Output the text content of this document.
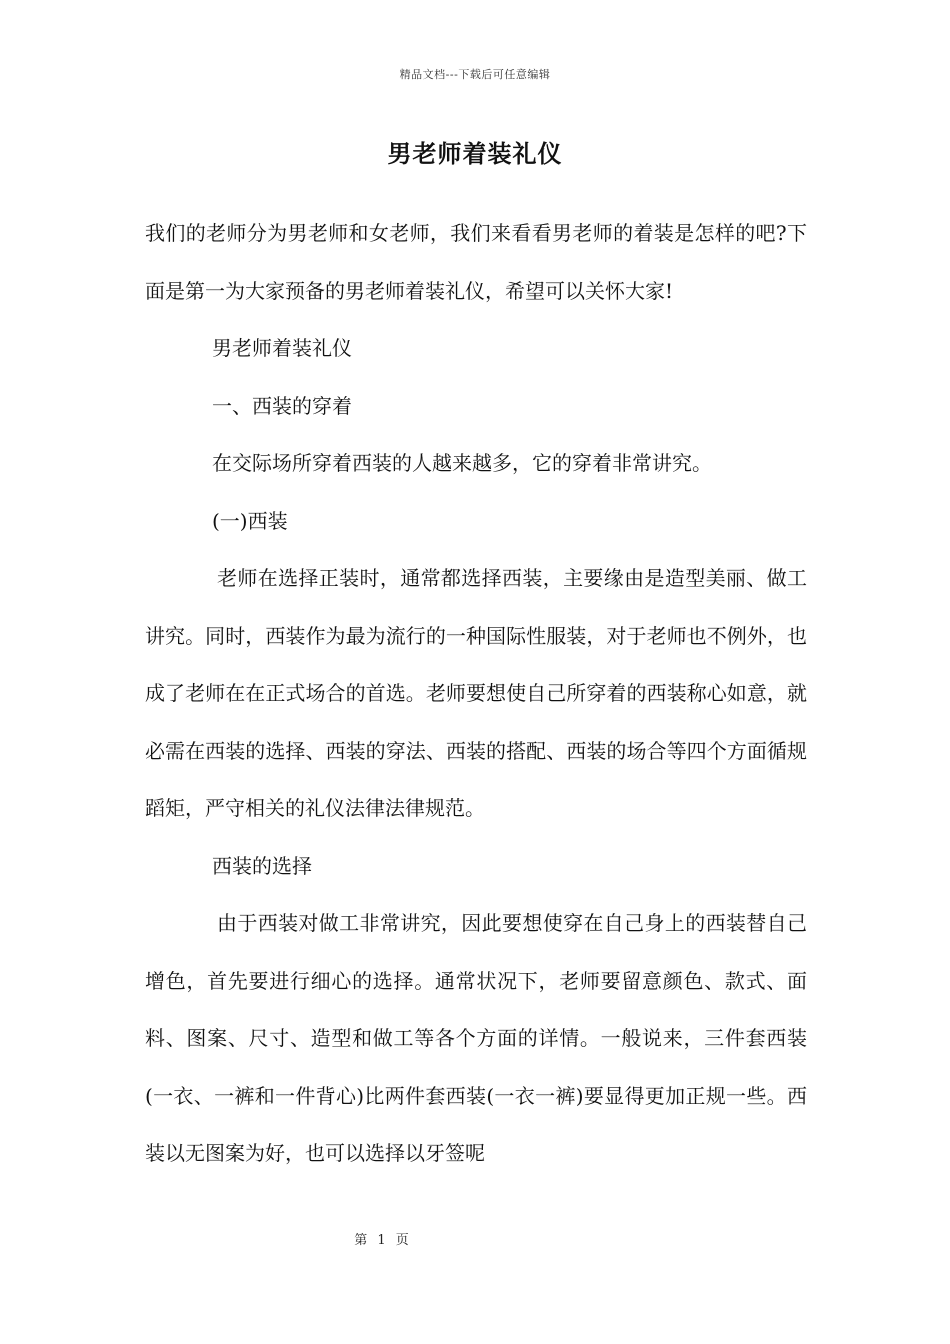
精品文档---下载后可任意编辑
男老师着装礼仪

我们的老师分为男老师和女老师，我们来看看男老师的着装是怎样的吧?下面是第一为大家预备的男老师着装礼仪，希望可以关怀大家!

男老师着装礼仪

一、西装的穿着

在交际场所穿着西装的人越来越多，它的穿着非常讲究。

(一)西装

老师在选择正装时，通常都选择西装，主要缘由是造型美丽、做工讲究。同时，西装作为最为流行的一种国际性服装，对于老师也不例外，也成了老师在在正式场合的首选。老师要想使自己所穿着的西装称心如意，就必需在西装的选择、西装的穿法、西装的搭配、西装的场合等四个方面循规蹈矩，严守相关的礼仪法律法律规范。

西装的选择

由于西装对做工非常讲究，因此要想使穿在自己身上的西装替自己增色，首先要进行细心的选择。通常状况下，老师要留意颜色、款式、面料、图案、尺寸、造型和做工等各个方面的详情。一般说来，三件套西装(一衣、一裤和一件背心)比两件套西装(一衣一裤)要显得更加正规一些。西装以无图案为好，也可以选择以牙签呢

第 1 页
